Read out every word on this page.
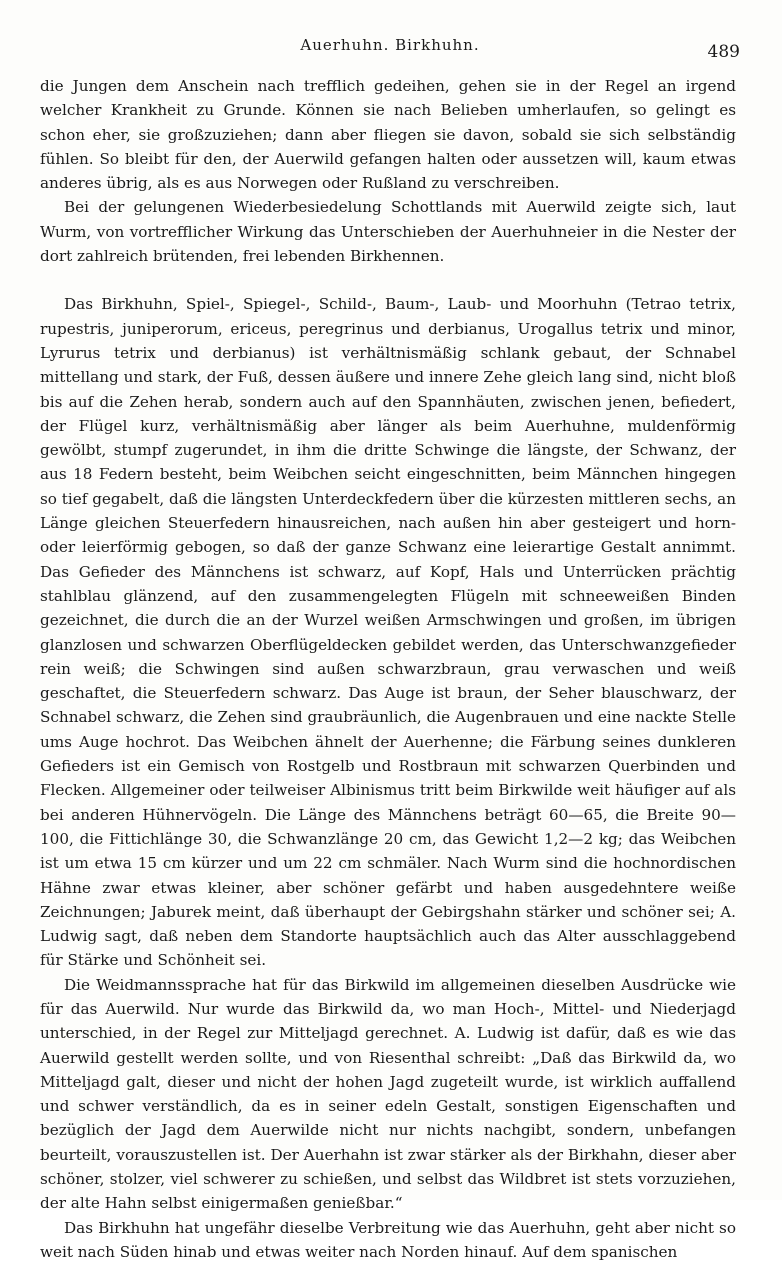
Auerhuhn. Birkhuhn.	489

die Jungen dem Anschein nach trefflich gedeihen, gehen sie in der Regel an irgend welcher Krankheit zu Grunde. Können sie nach Belieben umherlaufen, so gelingt es schon eher, sie großzuziehen; dann aber fliegen sie davon, sobald sie sich selbständig fühlen. So bleibt für den, der Auerwild gefangen halten oder aussetzen will, kaum etwas anderes übrig, als es aus Norwegen oder Rußland zu verschreiben.

Bei der gelungenen Wiederbesiedelung Schottlands mit Auerwild zeigte sich, laut Wurm, von vortrefflicher Wirkung das Unterschieben der Auerhuhneier in die Nester der dort zahlreich brütenden, frei lebenden Birkhennen.

Das Birkhuhn, Spiel-, Spiegel-, Schild-, Baum-, Laub- und Moorhuhn (Tetrao tetrix, rupestris, juniperorum, ericeus, peregrinus und derbianus, Urogallus tetrix und minor, Lyrurus tetrix und derbianus) ist verhältnismäßig schlank gebaut, der Schnabel mittellang und stark, der Fuß, dessen äußere und innere Zehe gleich lang sind, nicht bloß bis auf die Zehen herab, sondern auch auf den Spannhäuten, zwischen jenen, befiedert, der Flügel kurz, verhältnismäßig aber länger als beim Auerhuhne, muldenförmig gewölbt, stumpf zugerundet, in ihm die dritte Schwinge die längste, der Schwanz, der aus 18 Federn besteht, beim Weibchen seicht eingeschnitten, beim Männchen hingegen so tief gegabelt, daß die längsten Unterdeckfedern über die kürzesten mittleren sechs, an Länge gleichen Steuerfedern hinausreichen, nach außen hin aber gesteigert und horn- oder leierförmig gebogen, so daß der ganze Schwanz eine leierartige Gestalt annimmt. Das Gefieder des Männchens ist schwarz, auf Kopf, Hals und Unterrücken prächtig stahlblau glänzend, auf den zusammengelegten Flügeln mit schneeweißen Binden gezeichnet, die durch die an der Wurzel weißen Armschwingen und großen, im übrigen glanzlosen und schwarzen Oberflügeldecken gebildet werden, das Unterschwanzgefieder rein weiß; die Schwingen sind außen schwarzbraun, grau verwaschen und weiß geschaftet, die Steuerfedern schwarz. Das Auge ist braun, der Seher blauschwarz, der Schnabel schwarz, die Zehen sind graubräunlich, die Augenbrauen und eine nackte Stelle ums Auge hochrot. Das Weibchen ähnelt der Auerhenne; die Färbung seines dunkleren Gefieders ist ein Gemisch von Rostgelb und Rostbraun mit schwarzen Querbinden und Flecken. Allgemeiner oder teilweiser Albinismus tritt beim Birkwilde weit häufiger auf als bei anderen Hühnervögeln. Die Länge des Männchens beträgt 60—65, die Breite 90—100, die Fittichlänge 30, die Schwanzlänge 20 cm, das Gewicht 1,2—2 kg; das Weibchen ist um etwa 15 cm kürzer und um 22 cm schmäler. Nach Wurm sind die hochnordischen Hähne zwar etwas kleiner, aber schöner gefärbt und haben ausgedehntere weiße Zeichnungen; Jaburek meint, daß überhaupt der Gebirgshahn stärker und schöner sei; A. Ludwig sagt, daß neben dem Standorte hauptsächlich auch das Alter ausschlaggebend für Stärke und Schönheit sei.

Die Weidmannssprache hat für das Birkwild im allgemeinen dieselben Ausdrücke wie für das Auerwild. Nur wurde das Birkwild da, wo man Hoch-, Mittel- und Niederjagd unterschied, in der Regel zur Mitteljagd gerechnet. A. Ludwig ist dafür, daß es wie das Auerwild gestellt werden sollte, und von Riesenthal schreibt: „Daß das Birkwild da, wo Mitteljagd galt, dieser und nicht der hohen Jagd zugeteilt wurde, ist wirklich auffallend und schwer verständlich, da es in seiner edeln Gestalt, sonstigen Eigenschaften und bezüglich der Jagd dem Auerwilde nicht nur nichts nachgibt, sondern, unbefangen beurteilt, vorauszustellen ist. Der Auerhahn ist zwar stärker als der Birkhahn, dieser aber schöner, stolzer, viel schwerer zu schießen, und selbst das Wildbret ist stets vorzuziehen, der alte Hahn selbst einigermaßen genießbar.“

Das Birkhuhn hat ungefähr dieselbe Verbreitung wie das Auerhuhn, geht aber nicht so weit nach Süden hinab und etwas weiter nach Norden hinauf. Auf dem spanischen
